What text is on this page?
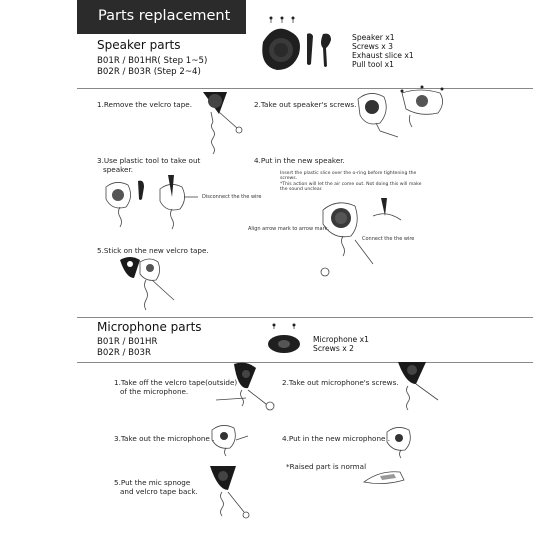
Parts replacement
Speaker parts
B01R / B01HR( Step 1~5)
B02R / B03R (Step 2~4)
Speaker x1
Screws x 3
Exhaust slice x1
Pull tool x1
1.Remove the velcro tape.	2.Take out speaker's screws.
3.Use plastic tool to take out
speaker.
Disconnect the the wire
4.Put in the new speaker.
Insert the plastic slice over the o-ring before tightening the
screws.
*This action will let the air come out. Not doing this will make
the sound unclear.
Align arrow mark to arrow mark.
Connect the the wire
5.Stick on the new velcro tape.
Microphone parts
B01R / B01HR
B02R / B03R
Microphone x1
Screws x 2
1.Take off the velcro tape(outside)
of the microphone.
2.Take out microphone's screws.
3.Take out the microphone .	4.Put in the new microphone .
*Raised part is normal
5.Put the mic spnoge
and velcro tape back.
